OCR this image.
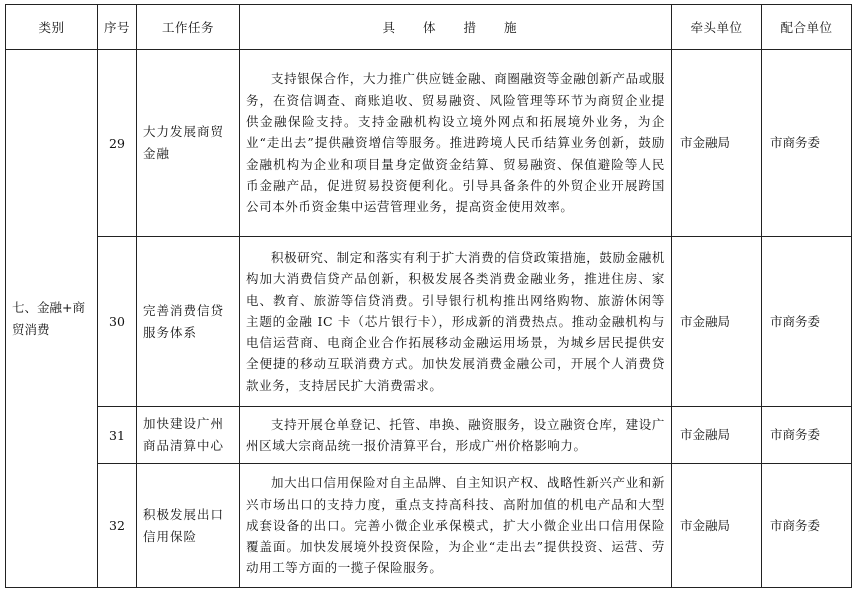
类别	序号	工作任务	具 体 措 施	牵头单位	配合单位
七、金融+商贸消费	29	大力发展商贸金融	支持银保合作，大力推广供应链金融、商圈融资等金融创新产品或服务，在资信调查、商账追收、贸易融资、风险管理等环节为商贸企业提供金融保险支持。支持金融机构设立境外网点和拓展境外业务，为企业“走出去”提供融资增信等服务。推进跨境人民币结算业务创新，鼓励金融机构为企业和项目量身定做资金结算、贸易融资、保值避险等人民币金融产品，促进贸易投资便利化。引导具备条件的外贸企业开展跨国公司本外币资金集中运营管理业务，提高资金使用效率。	市金融局	市商务委
	30	完善消费信贷服务体系	积极研究、制定和落实有利于扩大消费的信贷政策措施，鼓励金融机构加大消费信贷产品创新，积极发展各类消费金融业务，推进住房、家电、教育、旅游等信贷消费。引导银行机构推出网络购物、旅游休闲等主题的金融 IC 卡（芯片银行卡），形成新的消费热点。推动金融机构与电信运营商、电商企业合作拓展移动金融运用场景，为城乡居民提供安全便捷的移动互联消费方式。加快发展消费金融公司，开展个人消费贷款业务，支持居民扩大消费需求。	市金融局	市商务委
	31	加快建设广州商品清算中心	支持开展仓单登记、托管、串换、融资服务，设立融资仓库，建设广州区域大宗商品统一报价清算平台，形成广州价格影响力。	市金融局	市商务委
	32	积极发展出口信用保险	加大出口信用保险对自主品牌、自主知识产权、战略性新兴产业和新兴市场出口的支持力度，重点支持高科技、高附加值的机电产品和大型成套设备的出口。完善小微企业承保模式，扩大小微企业出口信用保险覆盖面。加快发展境外投资保险，为企业“走出去”提供投资、运营、劳动用工等方面的一揽子保险服务。	市金融局	市商务委
